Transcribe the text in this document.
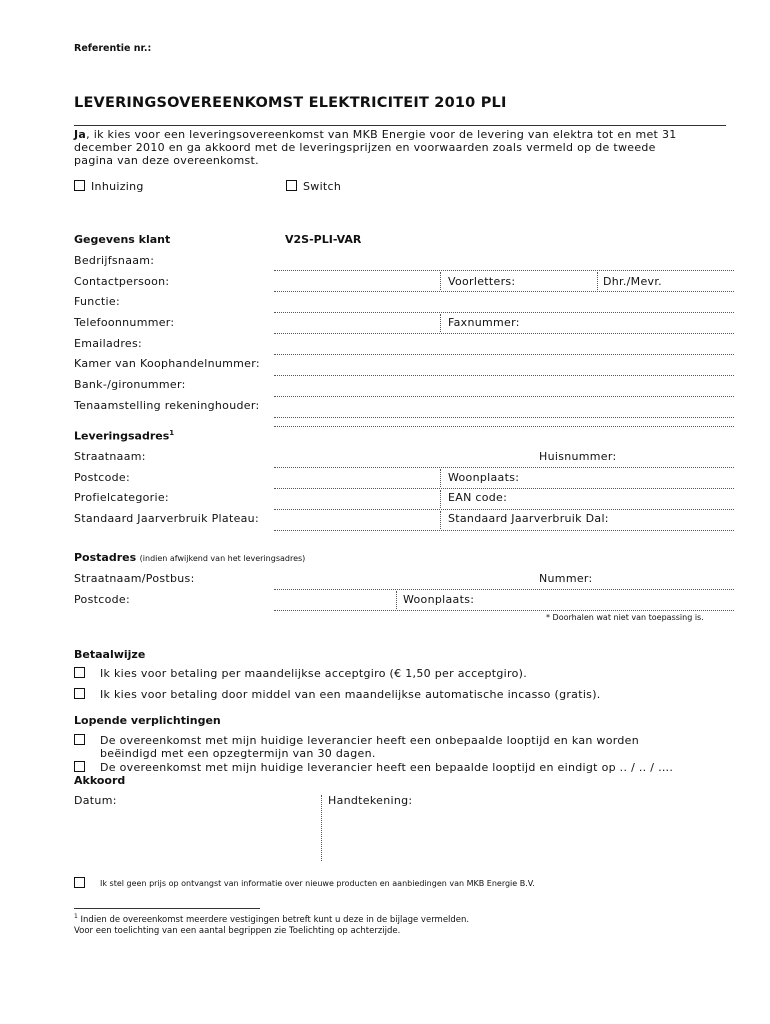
Referentie nr.:
LEVERINGSOVEREENKOMST ELEKTRICITEIT 2010 PLI
Ja, ik kies voor een leveringsovereenkomst van MKB Energie voor de levering van elektra tot en met 31
december 2010 en ga akkoord met de leveringsprijzen en voorwaarden zoals vermeld op de tweede
pagina van deze overeenkomst.
Inhuizing	Switch
Gegevens klant	V2S-PLI-VAR
Bedrijfsnaam:
Contactpersoon:	Voorletters:	Dhr./Mevr.
Functie:
Telefoonnummer:	Faxnummer:
Emailadres:
Kamer van Koophandelnummer:
Bank-/gironummer:
Tenaamstelling rekeninghouder:
Leveringsadres$^1$
Straatnaam:	Huisnummer:
Postcode:	Woonplaats:
Profielcategorie:	EAN code:
Standaard Jaarverbruik Plateau:	Standaard Jaarverbruik Dal:
Postadres (indien afwijkend van het leveringsadres)
Straatnaam/Postbus:	Nummer:
Postcode:	Woonplaats:
* Doorhalen wat niet van toepassing is.
Betaalwijze
Ik kies voor betaling per maandelijkse acceptgiro (€ 1,50 per acceptgiro).
Ik kies voor betaling door middel van een maandelijkse automatische incasso (gratis).
Lopende verplichtingen
De overeenkomst met mijn huidige leverancier heeft een onbepaalde looptijd en kan worden
beëindigd met een opzegtermijn van 30 dagen.
De overeenkomst met mijn huidige leverancier heeft een bepaalde looptijd en eindigt op .. / .. / ….
Akkoord
Datum:	Handtekening:
Ik stel geen prijs op ontvangst van informatie over nieuwe producten en aanbiedingen van MKB Energie B.V.
$^1$ Indien de overeenkomst meerdere vestigingen betreft kunt u deze in de bijlage vermelden.
Voor een toelichting van een aantal begrippen zie Toelichting op achterzijde.
